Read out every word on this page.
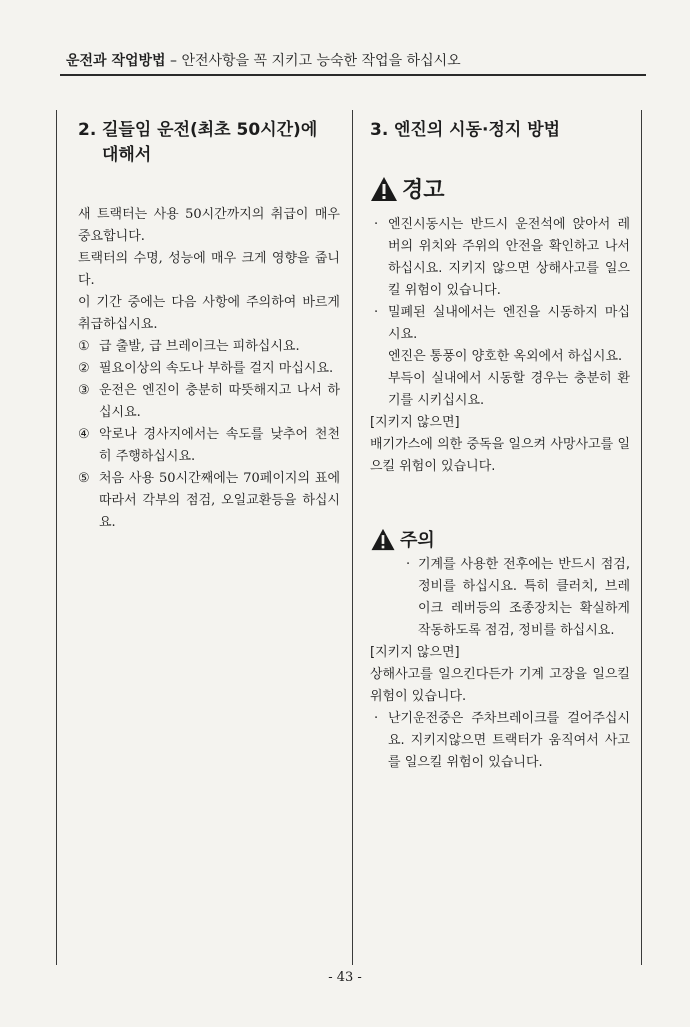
운전과 작업방법 – 안전사항을 꼭 지키고 능숙한 작업을 하십시오
2. 길들임 운전(최초 50시간)에
대해서

새 트랙터는 사용 50시간까지의 취급이 매우 중요합니다.

트랙터의 수명, 성능에 매우 크게 영향을 줍니다.

이 기간 중에는 다음 사항에 주의하여 바르게 취급하십시요.

① 급 출발, 급 브레이크는 피하십시요.
② 필요이상의 속도나 부하를 걸지 마십시요.
③ 운전은 엔진이 충분히 따뜻해지고 나서 하십시요.
④ 악로나 경사지에서는 속도를 낮추어 천천히 주행하십시요.
⑤ 처음 사용 50시간째에는 70페이지의 표에 따라서 각부의 점검, 오일교환등을 하십시요.
3. 엔진의 시동·정지 방법
경고
· 엔진시동시는 반드시 운전석에 앉아서 레버의 위치와 주위의 안전을 확인하고 나서 하십시요. 지키지 않으면 상해사고를 일으킬 위험이 있습니다.
· 밀폐된 실내에서는 엔진을 시동하지 마십시요.
엔진은 통풍이 양호한 옥외에서 하십시요.
부득이 실내에서 시동할 경우는 충분히 환기를 시키십시요.
[지키지 않으면]
배기가스에 의한 중독을 일으켜 사망사고를 일으킬 위험이 있습니다.
주의
· 기계를 사용한 전후에는 반드시 점검, 정비를 하십시요. 특히 클러치, 브레이크 레버등의 조종장치는 확실하게 작동하도록 점검, 정비를 하십시요.
[지키지 않으면]
상해사고를 일으킨다든가 기계 고장을 일으킬 위험이 있습니다.
· 난기운전중은 주차브레이크를 걸어주십시요. 지키지않으면 트랙터가 움직여서 사고를 일으킬 위험이 있습니다.
- 43 -
